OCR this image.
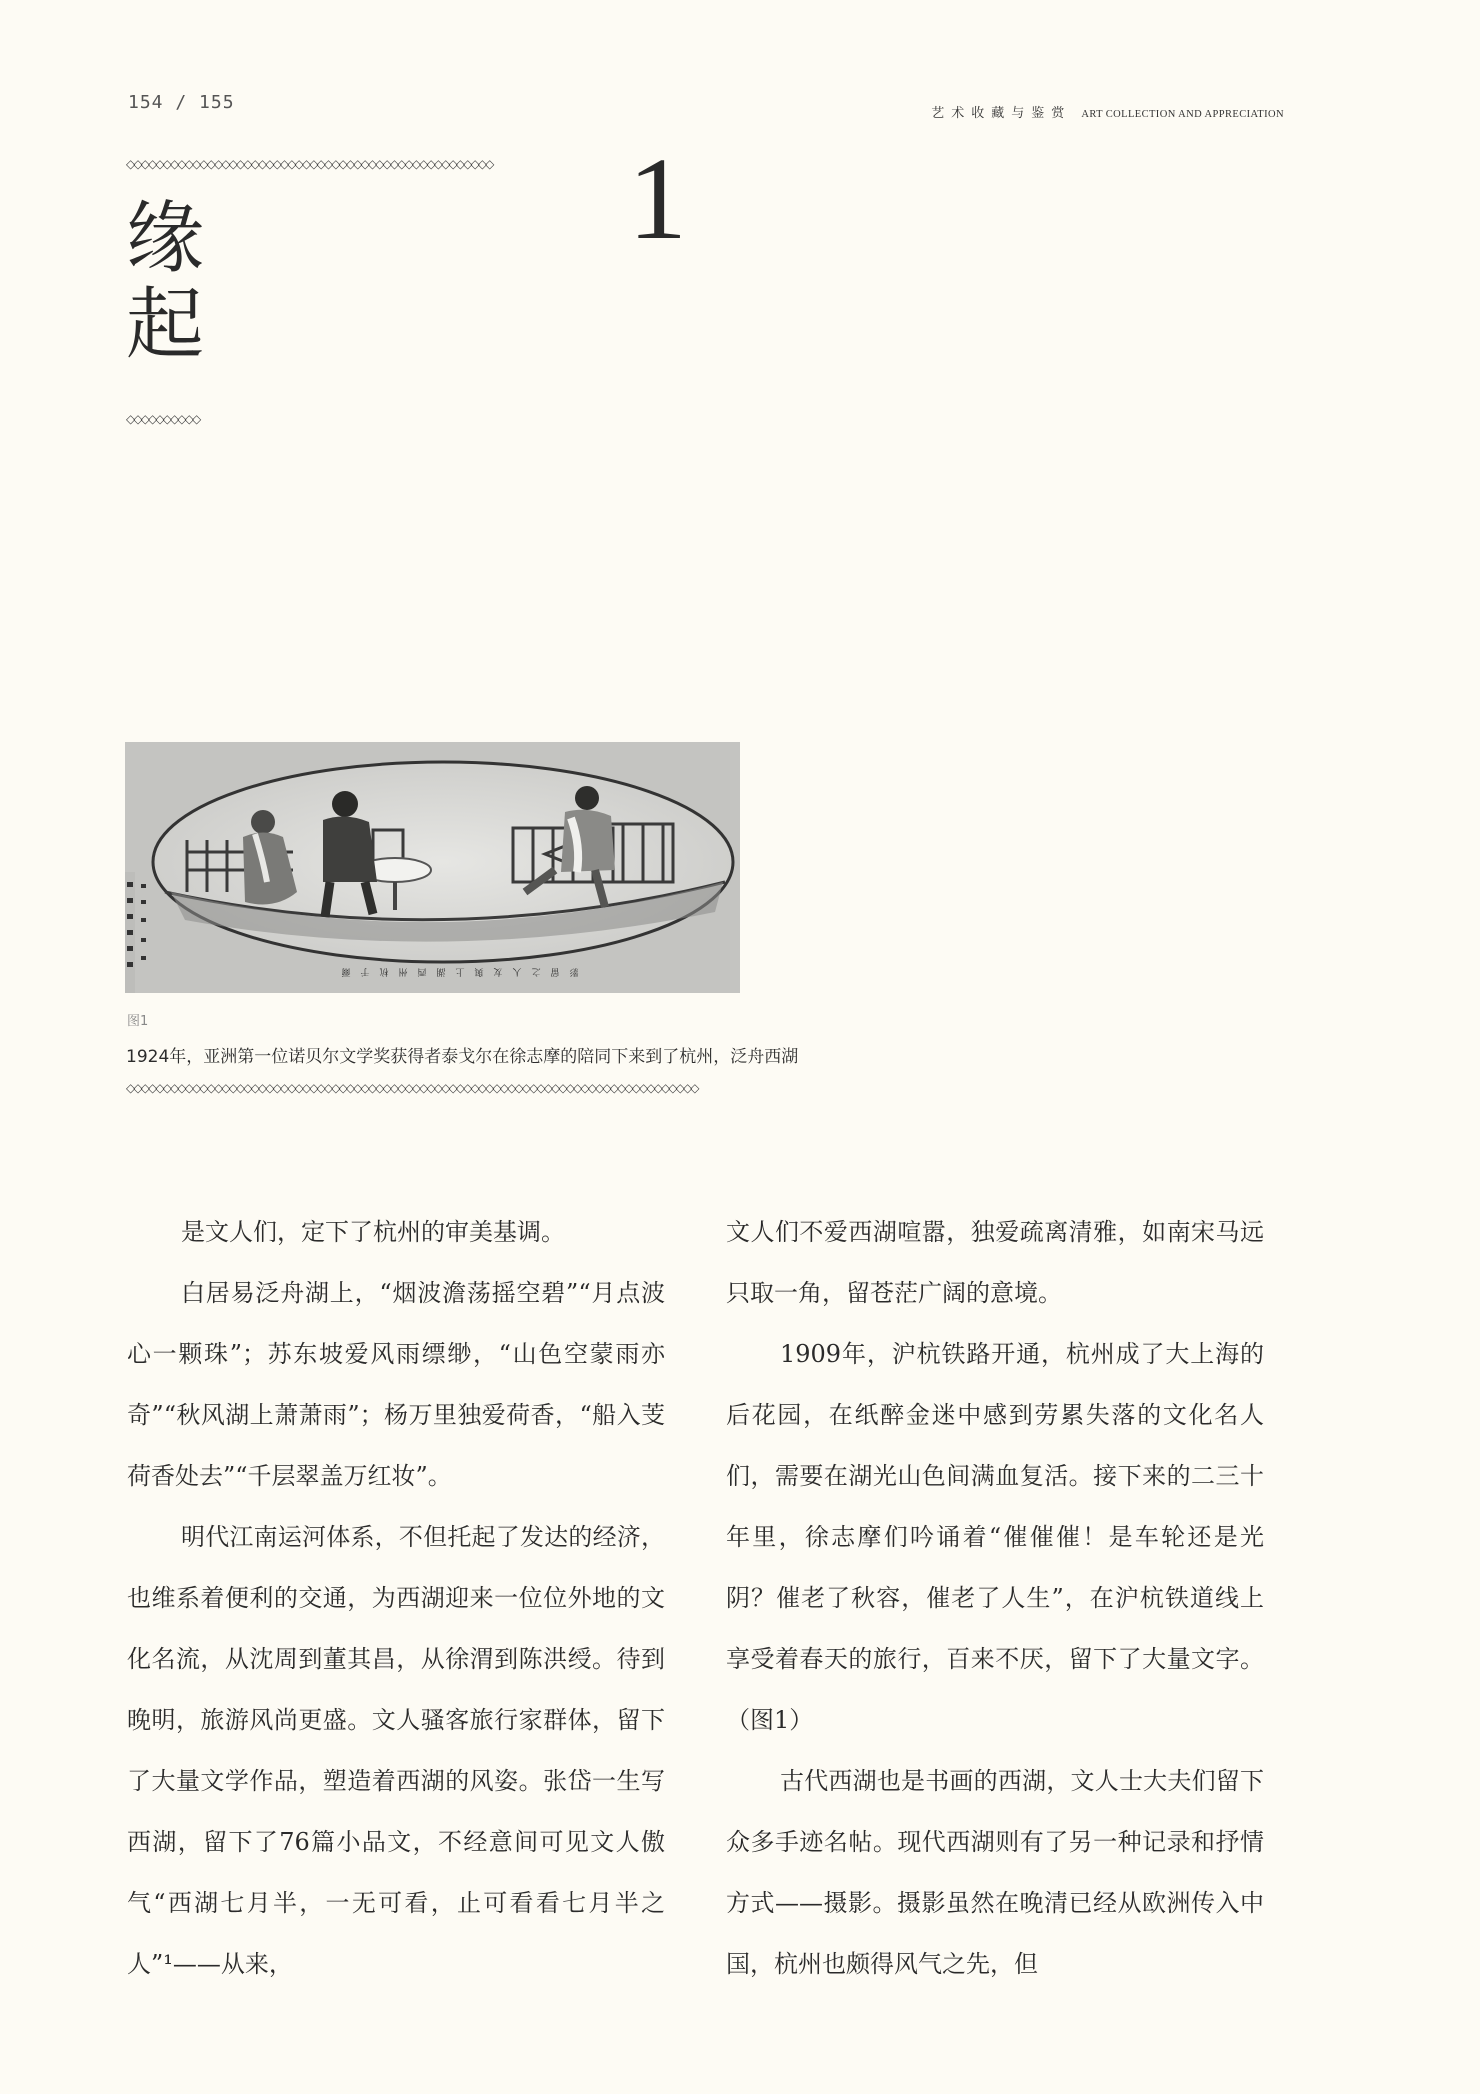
154 / 155
艺术收藏与鉴赏 ART COLLECTION AND APPRECIATION
◇◇◇◇◇◇◇◇◇◇◇◇◇◇◇◇◇◇◇◇◇◇◇◇◇◇◇◇◇◇◇◇◇◇◇◇◇◇◇◇◇◇◇◇◇◇◇◇◇◇
缘
起
1
◇◇◇◇◇◇◇◇◇◇
影留之人友與上湖西州杭于爾
图1
1924年，亚洲第一位诺贝尔文学奖获得者泰戈尔在徐志摩的陪同下来到了杭州，泛舟西湖
◇◇◇◇◇◇◇◇◇◇◇◇◇◇◇◇◇◇◇◇◇◇◇◇◇◇◇◇◇◇◇◇◇◇◇◇◇◇◇◇◇◇◇◇◇◇◇◇◇◇◇◇◇◇◇◇◇◇◇◇◇◇◇◇◇◇◇◇◇◇◇◇◇◇◇◇◇◇

是文人们，定下了杭州的审美基调。

白居易泛舟湖上，“烟波澹荡摇空碧”“月点波心一颗珠”；苏东坡爱风雨缥缈，“山色空蒙雨亦奇”“秋风湖上萧萧雨”；杨万里独爱荷香，“船入芰荷香处去”“千层翠盖万红妆”。

明代江南运河体系，不但托起了发达的经济，也维系着便利的交通，为西湖迎来一位位外地的文化名流，从沈周到董其昌，从徐渭到陈洪绶。待到晚明，旅游风尚更盛。文人骚客旅行家群体，留下了大量文学作品，塑造着西湖的风姿。张岱一生写西湖，留下了76篇小品文，不经意间可见文人傲气“西湖七月半，一无可看，止可看看七月半之人”¹——从来，

文人们不爱西湖喧嚣，独爱疏离清雅，如南宋马远只取一角，留苍茫广阔的意境。

1909年，沪杭铁路开通，杭州成了大上海的后花园，在纸醉金迷中感到劳累失落的文化名人们，需要在湖光山色间满血复活。接下来的二三十年里，徐志摩们吟诵着“催催催！是车轮还是光阴？催老了秋容，催老了人生”，在沪杭铁道线上享受着春天的旅行，百来不厌，留下了大量文字。（图1）

古代西湖也是书画的西湖，文人士大夫们留下众多手迹名帖。现代西湖则有了另一种记录和抒情方式——摄影。摄影虽然在晚清已经从欧洲传入中国，杭州也颇得风气之先，但
